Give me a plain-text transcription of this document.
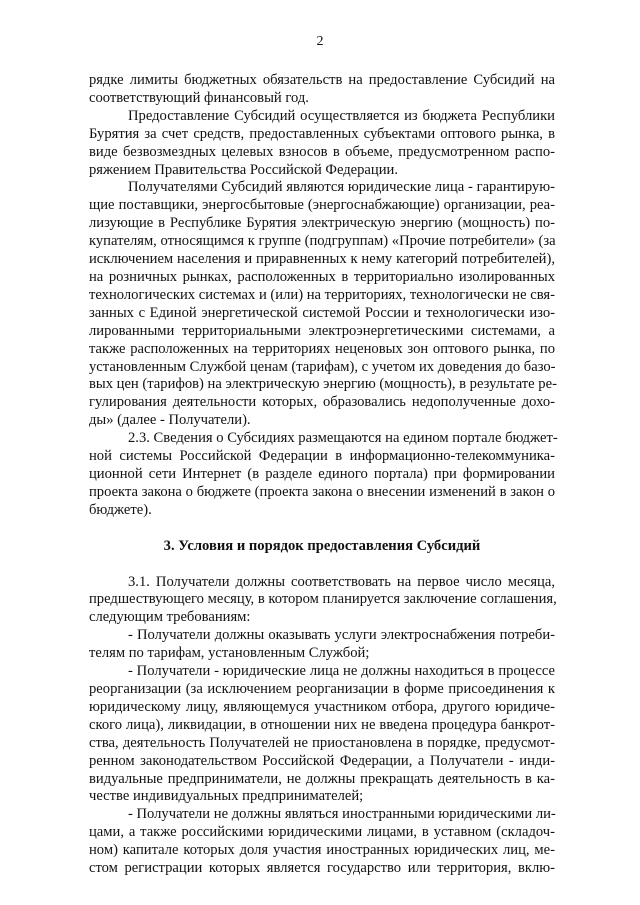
2
рядке лимиты бюджетных обязательств на предоставление Субсидий на
соответствующий финансовый год.
Предоставление Субсидий осуществляется из бюджета Республики
Бурятия за счет средств, предоставленных субъектами оптового рынка, в
виде безвозмездных целевых взносов в объеме, предусмотренном распо-
ряжением Правительства Российской Федерации.
Получателями Субсидий являются юридические лица - гарантирую-
щие поставщики, энергосбытовые (энергоснабжающие) организации, реа-
лизующие в Республике Бурятия электрическую энергию (мощность) по-
купателям, относящимся к группе (подгруппам) «Прочие потребители» (за
исключением населения и приравненных к нему категорий потребителей),
на розничных рынках, расположенных в территориально изолированных
технологических системах и (или) на территориях, технологически не свя-
занных с Единой энергетической системой России и технологически изо-
лированными территориальными электроэнергетическими системами, а
также расположенных на территориях неценовых зон оптового рынка, по
установленным Службой ценам (тарифам), с учетом их доведения до базо-
вых цен (тарифов) на электрическую энергию (мощность), в результате ре-
гулирования деятельности которых, образовались недополученные дохо-
ды» (далее - Получатели).
2.3. Сведения о Субсидиях размещаются на едином портале бюджет-
ной системы Российской Федерации в информационно-телекоммуника-
ционной сети Интернет (в разделе единого портала) при формировании
проекта закона о бюджете (проекта закона о внесении изменений в закон о
бюджете).
3. Условия и порядок предоставления Субсидий
3.1. Получатели должны соответствовать на первое число месяца,
предшествующего месяцу, в котором планируется заключение соглашения,
следующим требованиям:
- Получатели должны оказывать услуги электроснабжения потреби-
телям по тарифам, установленным Службой;
- Получатели - юридические лица не должны находиться в процессе
реорганизации (за исключением реорганизации в форме присоединения к
юридическому лицу, являющемуся участником отбора, другого юридиче-
ского лица), ликвидации, в отношении них не введена процедура банкрот-
ства, деятельность Получателей не приостановлена в порядке, предусмот-
ренном законодательством Российской Федерации, а Получатели - инди-
видуальные предприниматели, не должны прекращать деятельность в ка-
честве индивидуальных предпринимателей;
- Получатели не должны являться иностранными юридическими ли-
цами, а также российскими юридическими лицами, в уставном (складоч-
ном) капитале которых доля участия иностранных юридических лиц, ме-
стом регистрации которых является государство или территория, вклю-
